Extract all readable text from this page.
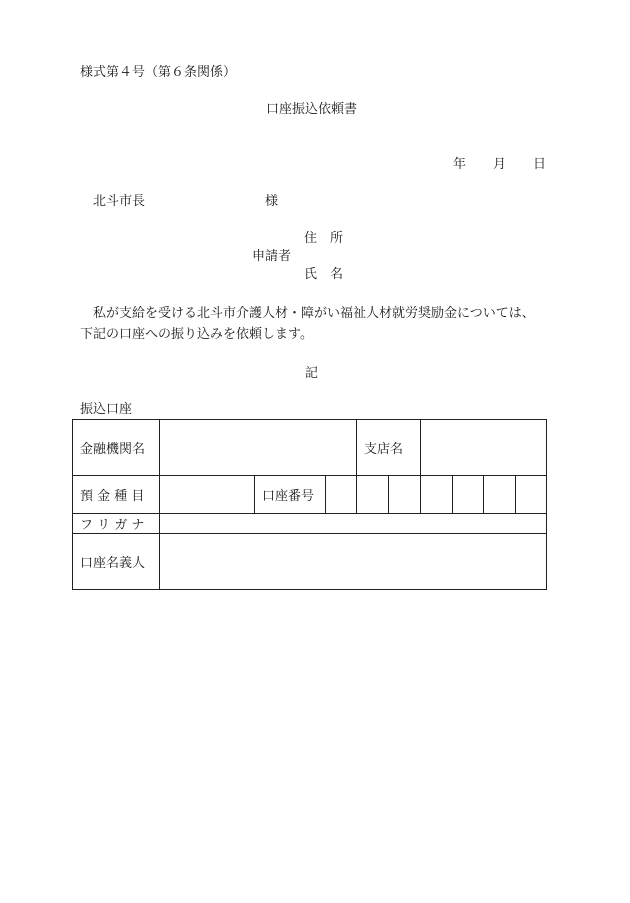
様式第４号（第６条関係）
口座振込依頼書
年 月 日
北斗市長	様
住　所
申請者
氏　名
私が支給を受ける北斗市介護人材・障がい福祉人材就労奨励金については、
下記の口座への振り込みを依頼します。
記
振込口座
金融機関名				支店名					
預 金 種 目		口座番号							
フ リ ガ ナ									
口座名義人									
